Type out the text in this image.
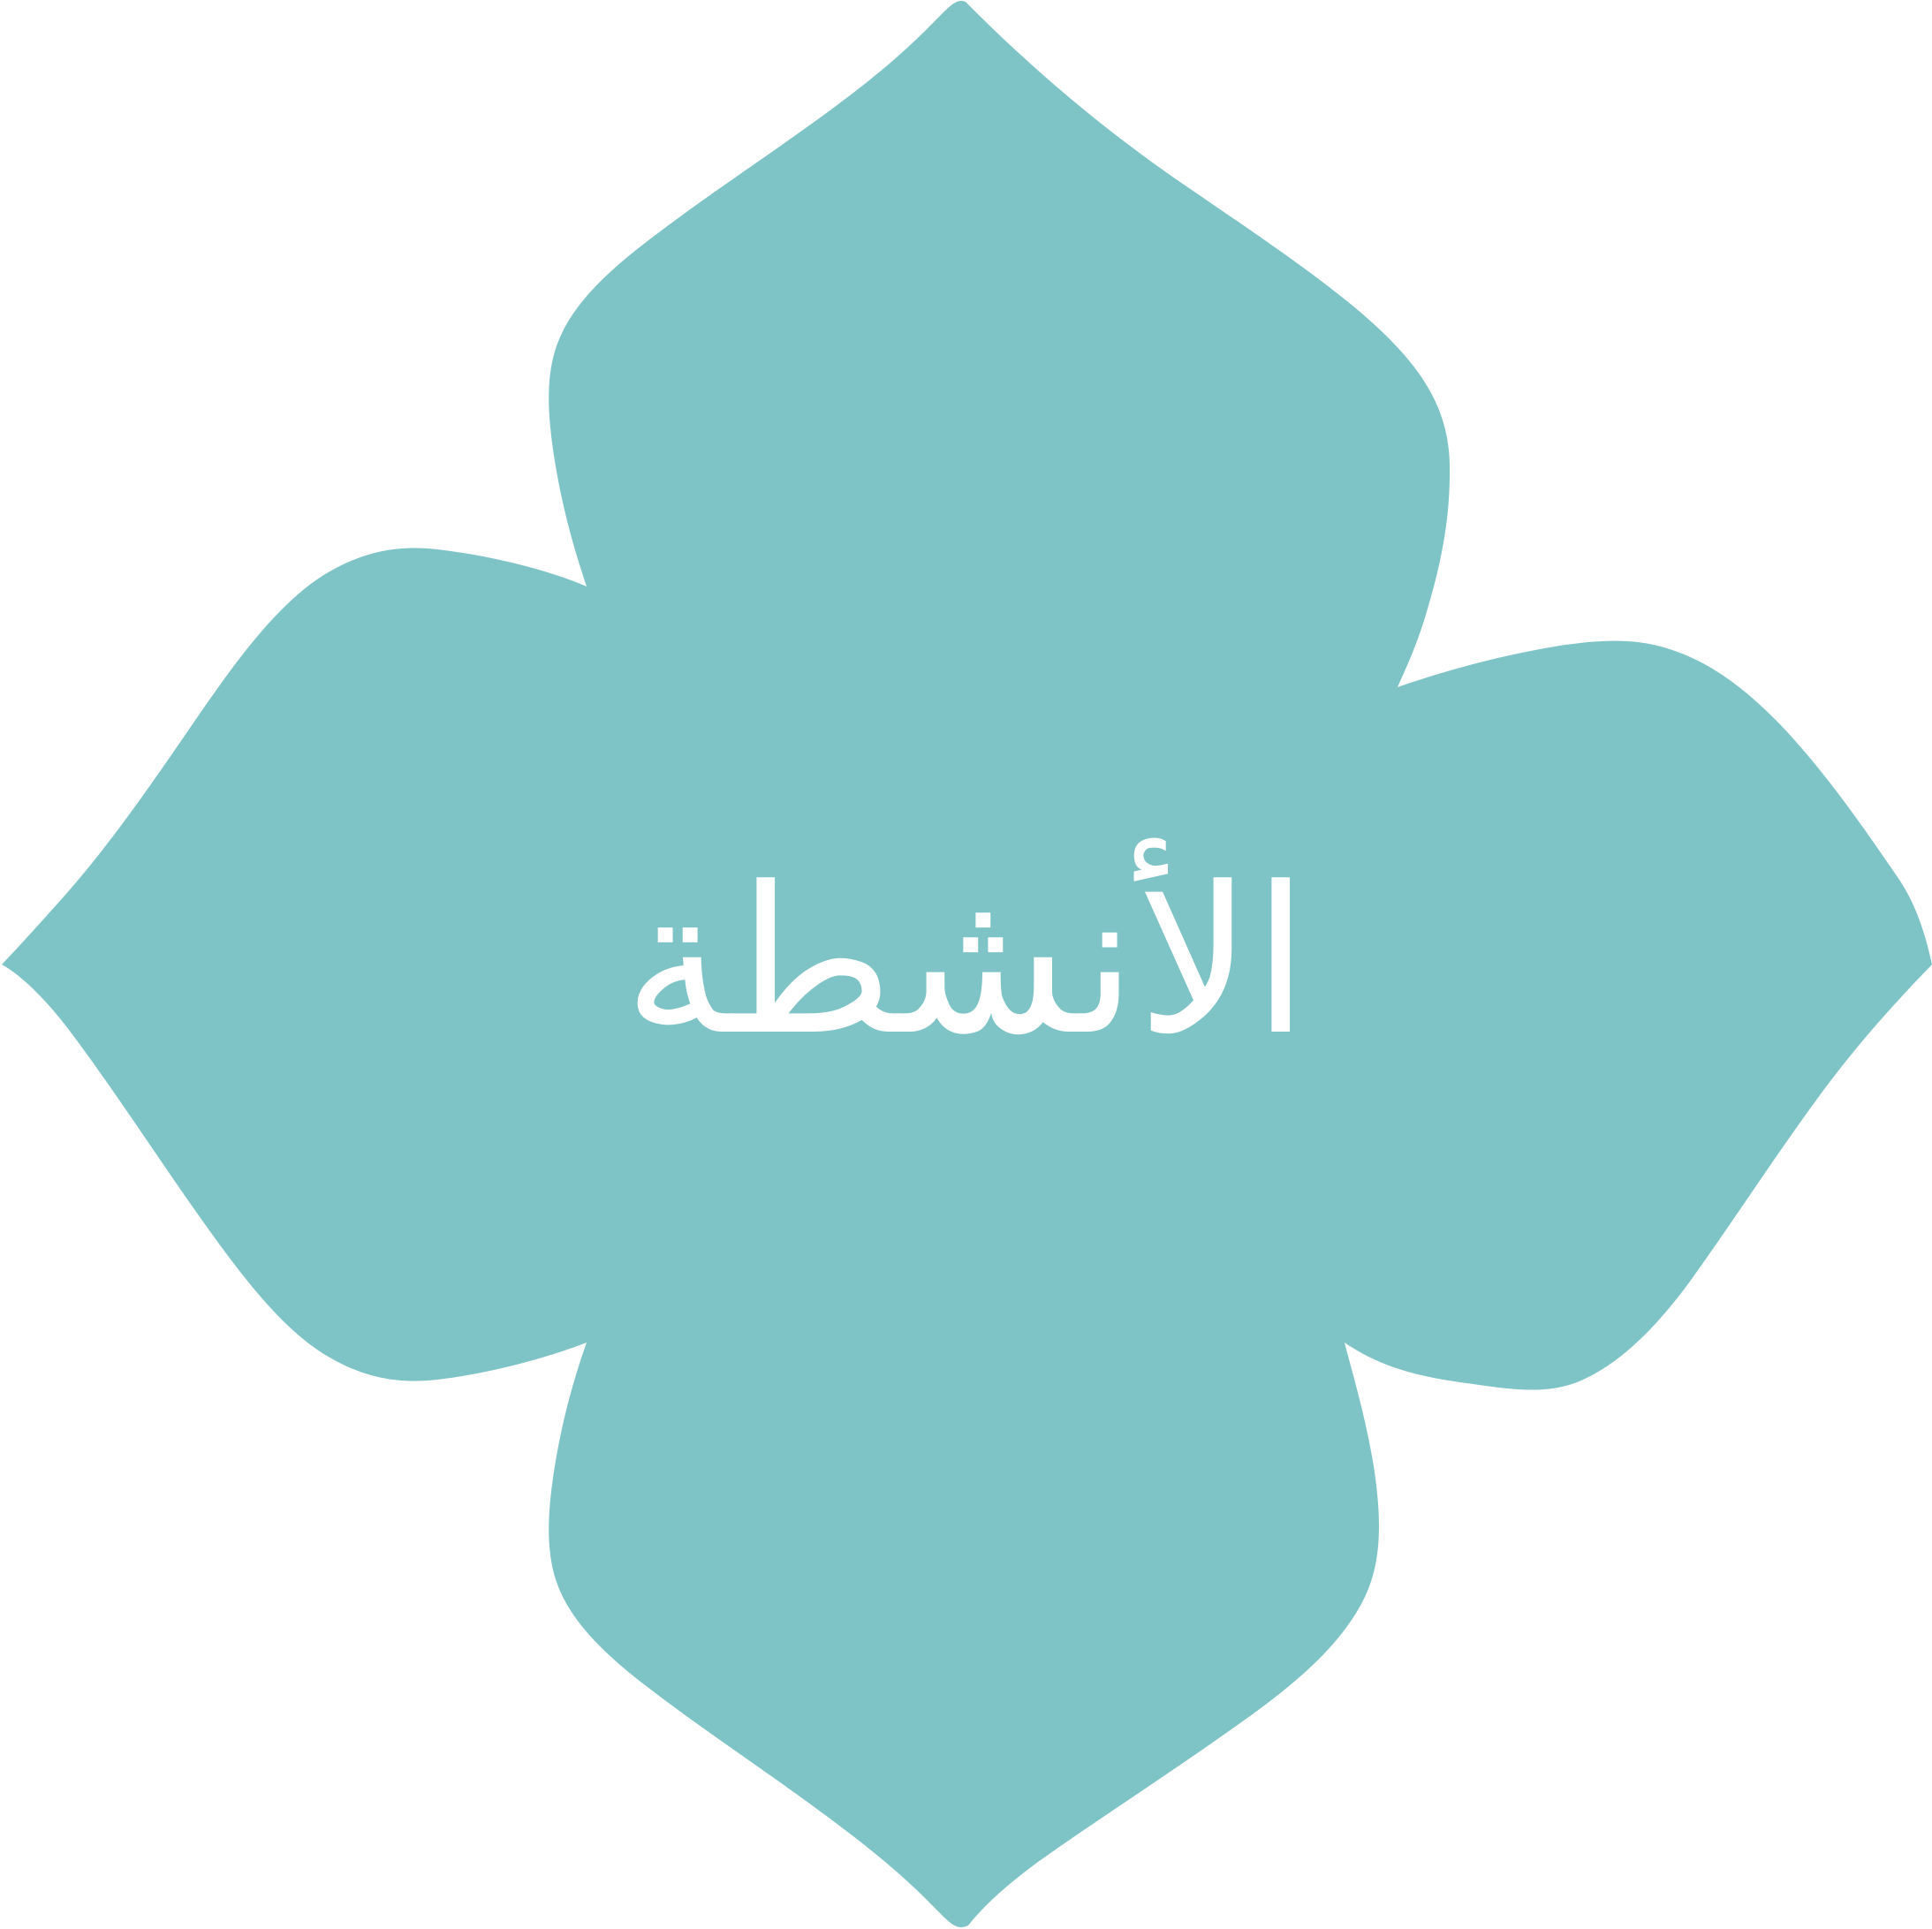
الأنشطة
